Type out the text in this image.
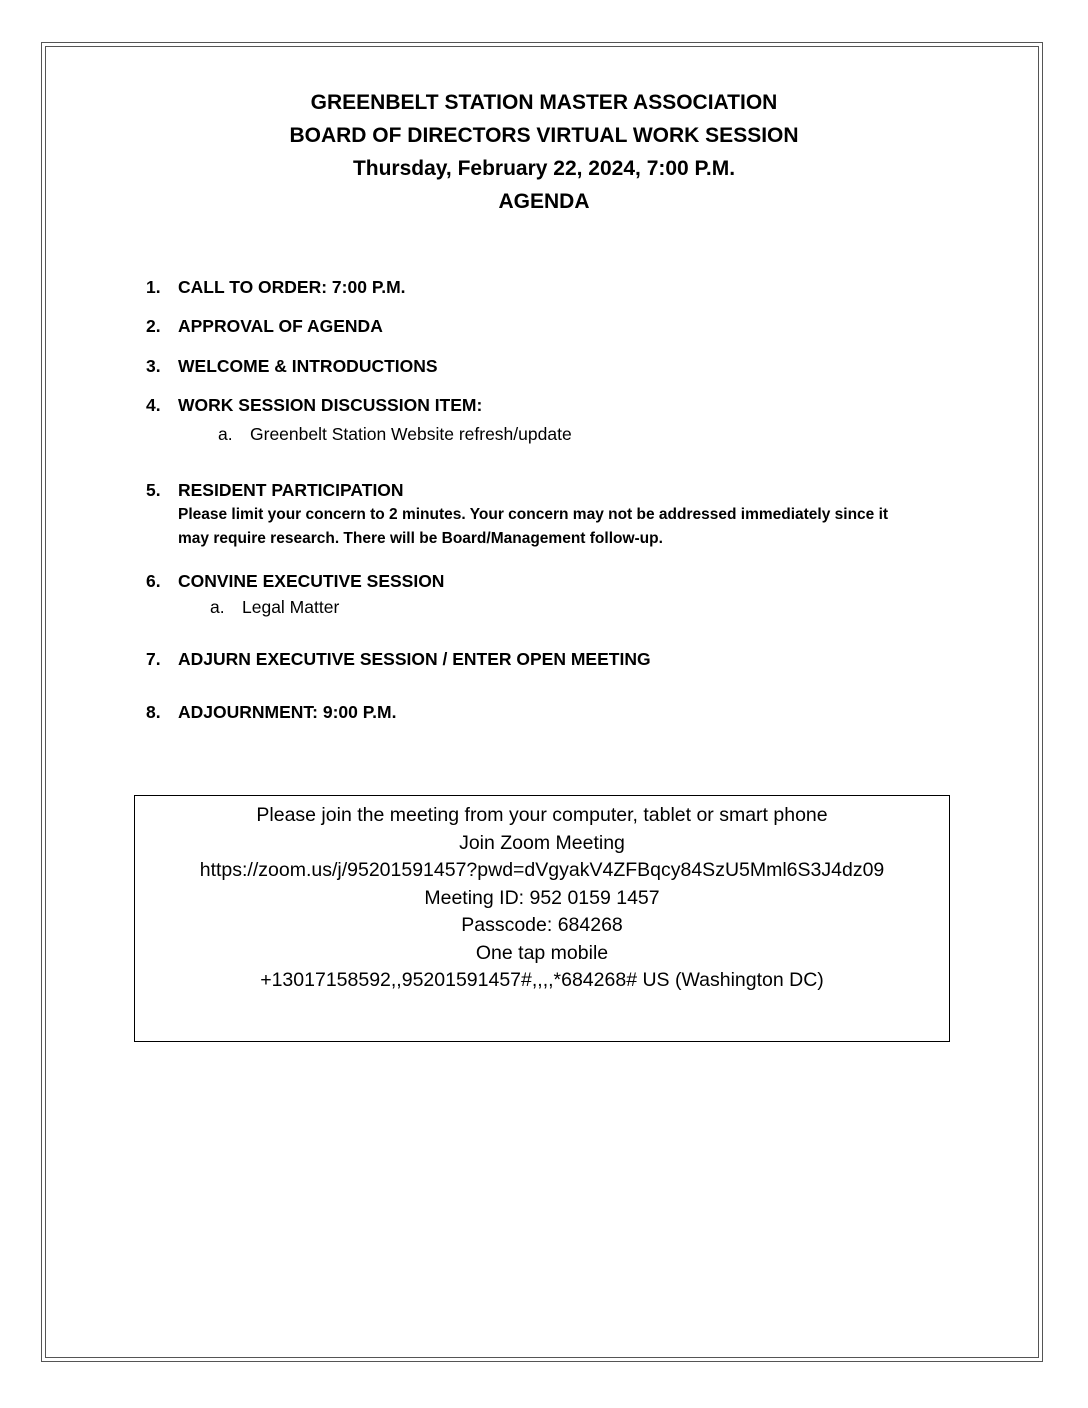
GREENBELT STATION MASTER ASSOCIATION
BOARD OF DIRECTORS VIRTUAL WORK SESSION
Thursday, February 22, 2024, 7:00 P.M.
AGENDA
1. CALL TO ORDER: 7:00 P.M.
2. APPROVAL OF AGENDA
3. WELCOME & INTRODUCTIONS
4. WORK SESSION DISCUSSION ITEM:
a. Greenbelt Station Website refresh/update
5. RESIDENT PARTICIPATION
Please limit your concern to 2 minutes. Your concern may not be addressed immediately since it
may require research. There will be Board/Management follow-up.
6. CONVINE EXECUTIVE SESSION
a. Legal Matter
7. ADJURN EXECUTIVE SESSION / ENTER OPEN MEETING
8. ADJOURNMENT: 9:00 P.M.
Please join the meeting from your computer, tablet or smart phone
Join Zoom Meeting
https://zoom.us/j/95201591457?pwd=dVgyakV4ZFBqcy84SzU5Mml6S3J4dz09
Meeting ID: 952 0159 1457
Passcode: 684268
One tap mobile
+13017158592,,95201591457#,,,,*684268# US (Washington DC)
